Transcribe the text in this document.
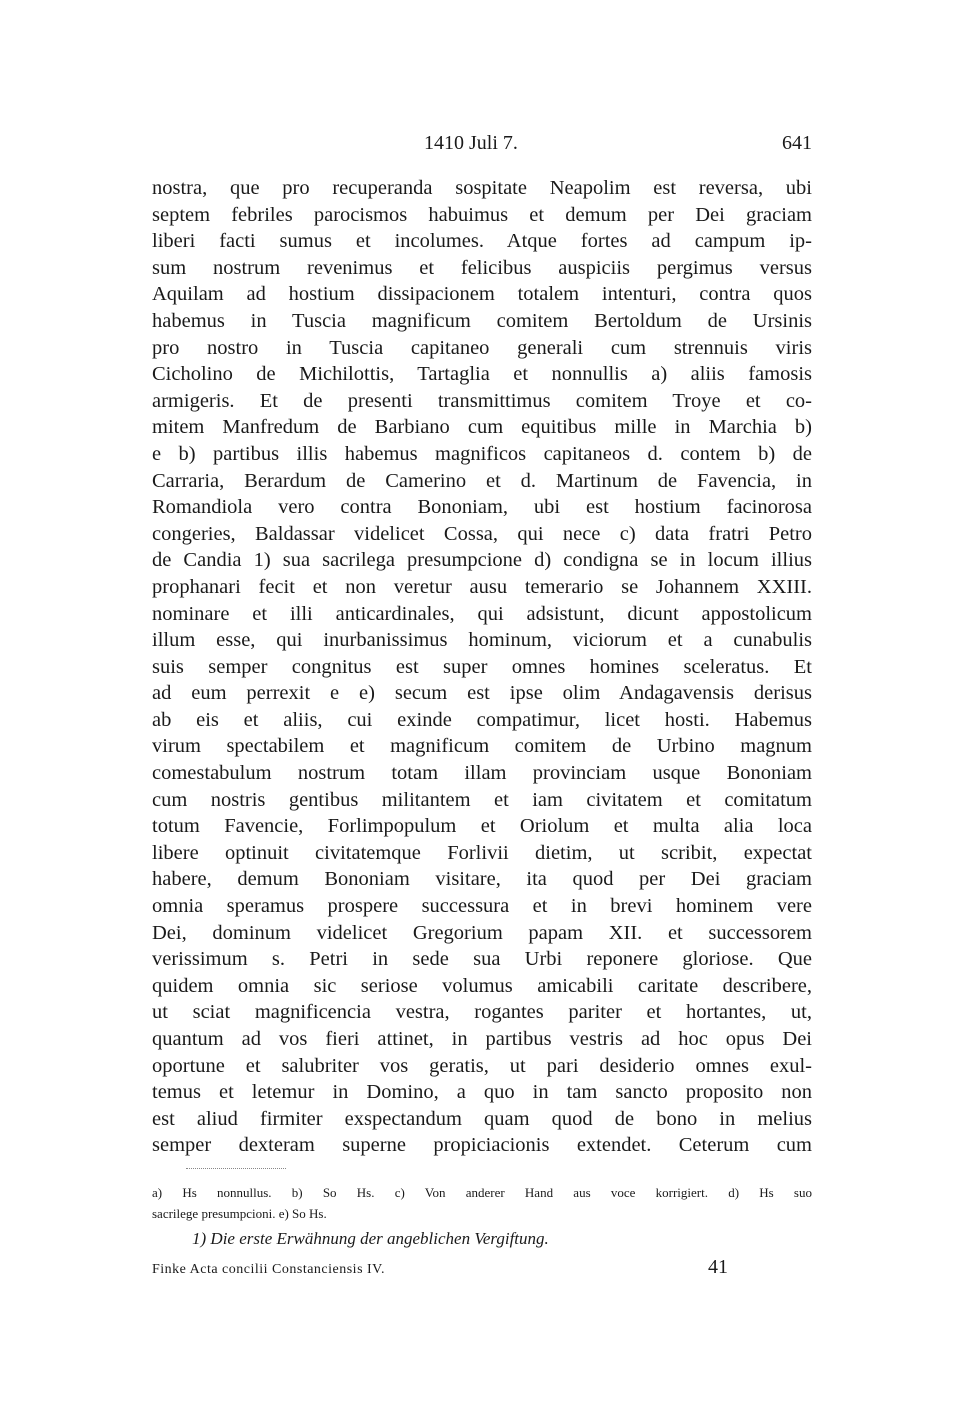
1410 Juli 7.	641
nostra, que pro recuperanda sospitate Neapolim est reversa, ubi
septem febriles parocismos habuimus et demum per Dei graciam
liberi facti sumus et incolumes. Atque fortes ad campum ip-
sum nostrum revenimus et felicibus auspiciis pergimus versus
Aquilam ad hostium dissipacionem totalem intenturi, contra quos
habemus in Tuscia magnificum comitem Bertoldum de Ursinis
pro nostro in Tuscia capitaneo generali cum strennuis viris
Cicholino de Michilottis, Tartaglia et nonnullis a) aliis famosis
armigeris. Et de presenti transmittimus comitem Troye et co-
mitem Manfredum de Barbiano cum equitibus mille in Marchia b)
e b) partibus illis habemus magnificos capitaneos d. contem b) de
Carraria, Berardum de Camerino et d. Martinum de Favencia, in
Romandiola vero contra Bononiam, ubi est hostium facinorosa
congeries, Baldassar videlicet Cossa, qui nece c) data fratri Petro
de Candia 1) sua sacrilega presumpcione d) condigna se in locum illius
prophanari fecit et non veretur ausu temerario se Johannem XXIII.
nominare et illi anticardinales, qui adsistunt, dicunt appostolicum
illum esse, qui inurbanissimus hominum, viciorum et a cunabulis
suis semper congnitus est super omnes homines sceleratus. Et
ad eum perrexit e e) secum est ipse olim Andagavensis derisus
ab eis et aliis, cui exinde compatimur, licet hosti. Habemus
virum spectabilem et magnificum comitem de Urbino magnum
comestabulum nostrum totam illam provinciam usque Bononiam
cum nostris gentibus militantem et iam civitatem et comitatum
totum Favencie, Forlimpopulum et Oriolum et multa alia loca
libere optinuit civitatemque Forlivii dietim, ut scribit, expectat
habere, demum Bononiam visitare, ita quod per Dei graciam
omnia speramus prospere successura et in brevi hominem vere
Dei, dominum videlicet Gregorium papam XII. et successorem
verissimum s. Petri in sede sua Urbi reponere gloriose. Que
quidem omnia sic seriose volumus amicabili caritate describere,
ut sciat magnificencia vestra, rogantes pariter et hortantes, ut,
quantum ad vos fieri attinet, in partibus vestris ad hoc opus Dei
oportune et salubriter vos geratis, ut pari desiderio omnes exul-
temus et letemur in Domino, a quo in tam sancto proposito non
est aliud firmiter exspectandum quam quod de bono in melius
semper dexteram superne propiciacionis extendet. Ceterum cum
a) Hs nonnullus. b) So Hs. c) Von anderer Hand aus voce korrigiert. d) Hs suo
sacrilege presumpcioni. e) So Hs.
1) Die erste Erwähnung der angeblichen Vergiftung.
Finke Acta concilii Constanciensis IV.	41
